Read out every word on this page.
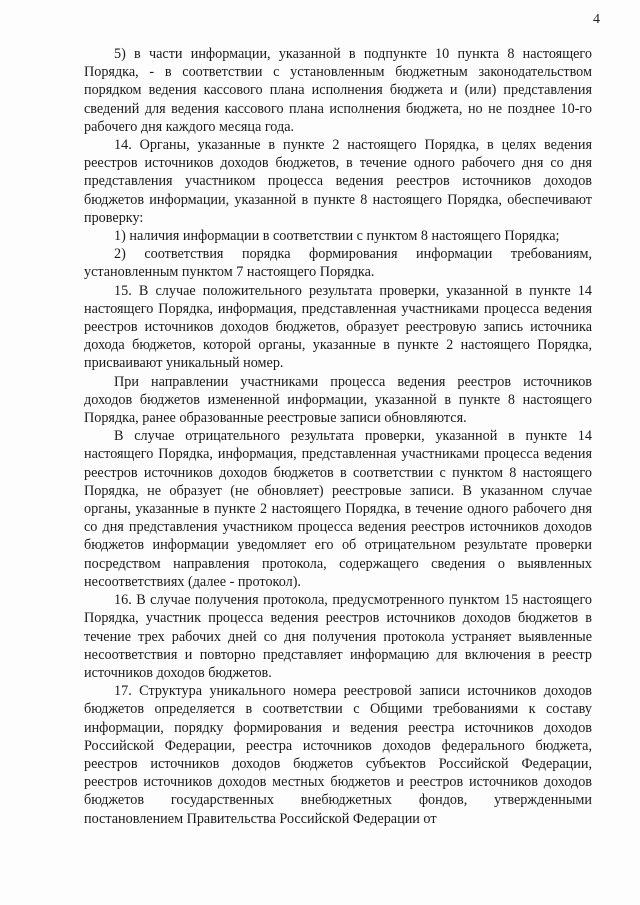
4

5) в части информации, указанной в подпункте 10 пункта 8 настоящего Порядка, - в соответствии с установленным бюджетным законодательством порядком ведения кассового плана исполнения бюджета и (или) представления сведений для ведения кассового плана исполнения бюджета, но не позднее 10-го рабочего дня каждого месяца года.

14. Органы, указанные в пункте 2 настоящего Порядка, в целях ведения реестров источников доходов бюджетов, в течение одного рабочего дня со дня представления участником процесса ведения реестров источников доходов бюджетов информации, указанной в пункте 8 настоящего Порядка, обеспечивают проверку:

1) наличия информации в соответствии с пунктом 8 настоящего Порядка;

2) соответствия порядка формирования информации требованиям, установленным пунктом 7 настоящего Порядка.

15. В случае положительного результата проверки, указанной в пункте 14 настоящего Порядка, информация, представленная участниками процесса ведения реестров источников доходов бюджетов, образует реестровую запись источника дохода бюджетов, которой органы, указанные в пункте 2 настоящего Порядка, присваивают уникальный номер.

При направлении участниками процесса ведения реестров источников доходов бюджетов измененной информации, указанной в пункте 8 настоящего Порядка, ранее образованные реестровые записи обновляются.

В случае отрицательного результата проверки, указанной в пункте 14 настоящего Порядка, информация, представленная участниками процесса ведения реестров источников доходов бюджетов в соответствии с пунктом 8 настоящего Порядка, не образует (не обновляет) реестровые записи. В указанном случае органы, указанные в пункте 2 настоящего Порядка, в течение одного рабочего дня со дня представления участником процесса ведения реестров источников доходов бюджетов информации уведомляет его об отрицательном результате проверки посредством направления протокола, содержащего сведения о выявленных несоответствиях (далее - протокол).

16. В случае получения протокола, предусмотренного пунктом 15 настоящего Порядка, участник процесса ведения реестров источников доходов бюджетов в течение трех рабочих дней со дня получения протокола устраняет выявленные несоответствия и повторно представляет информацию для включения в реестр источников доходов бюджетов.

17. Структура уникального номера реестровой записи источников доходов бюджетов определяется в соответствии с Общими требованиями к составу информации, порядку формирования и ведения реестра источников доходов Российской Федерации, реестра источников доходов федерального бюджета, реестров источников доходов бюджетов субъектов Российской Федерации, реестров источников доходов местных бюджетов и реестров источников доходов бюджетов государственных внебюджетных фондов, утвержденными постановлением Правительства Российской Федерации от
